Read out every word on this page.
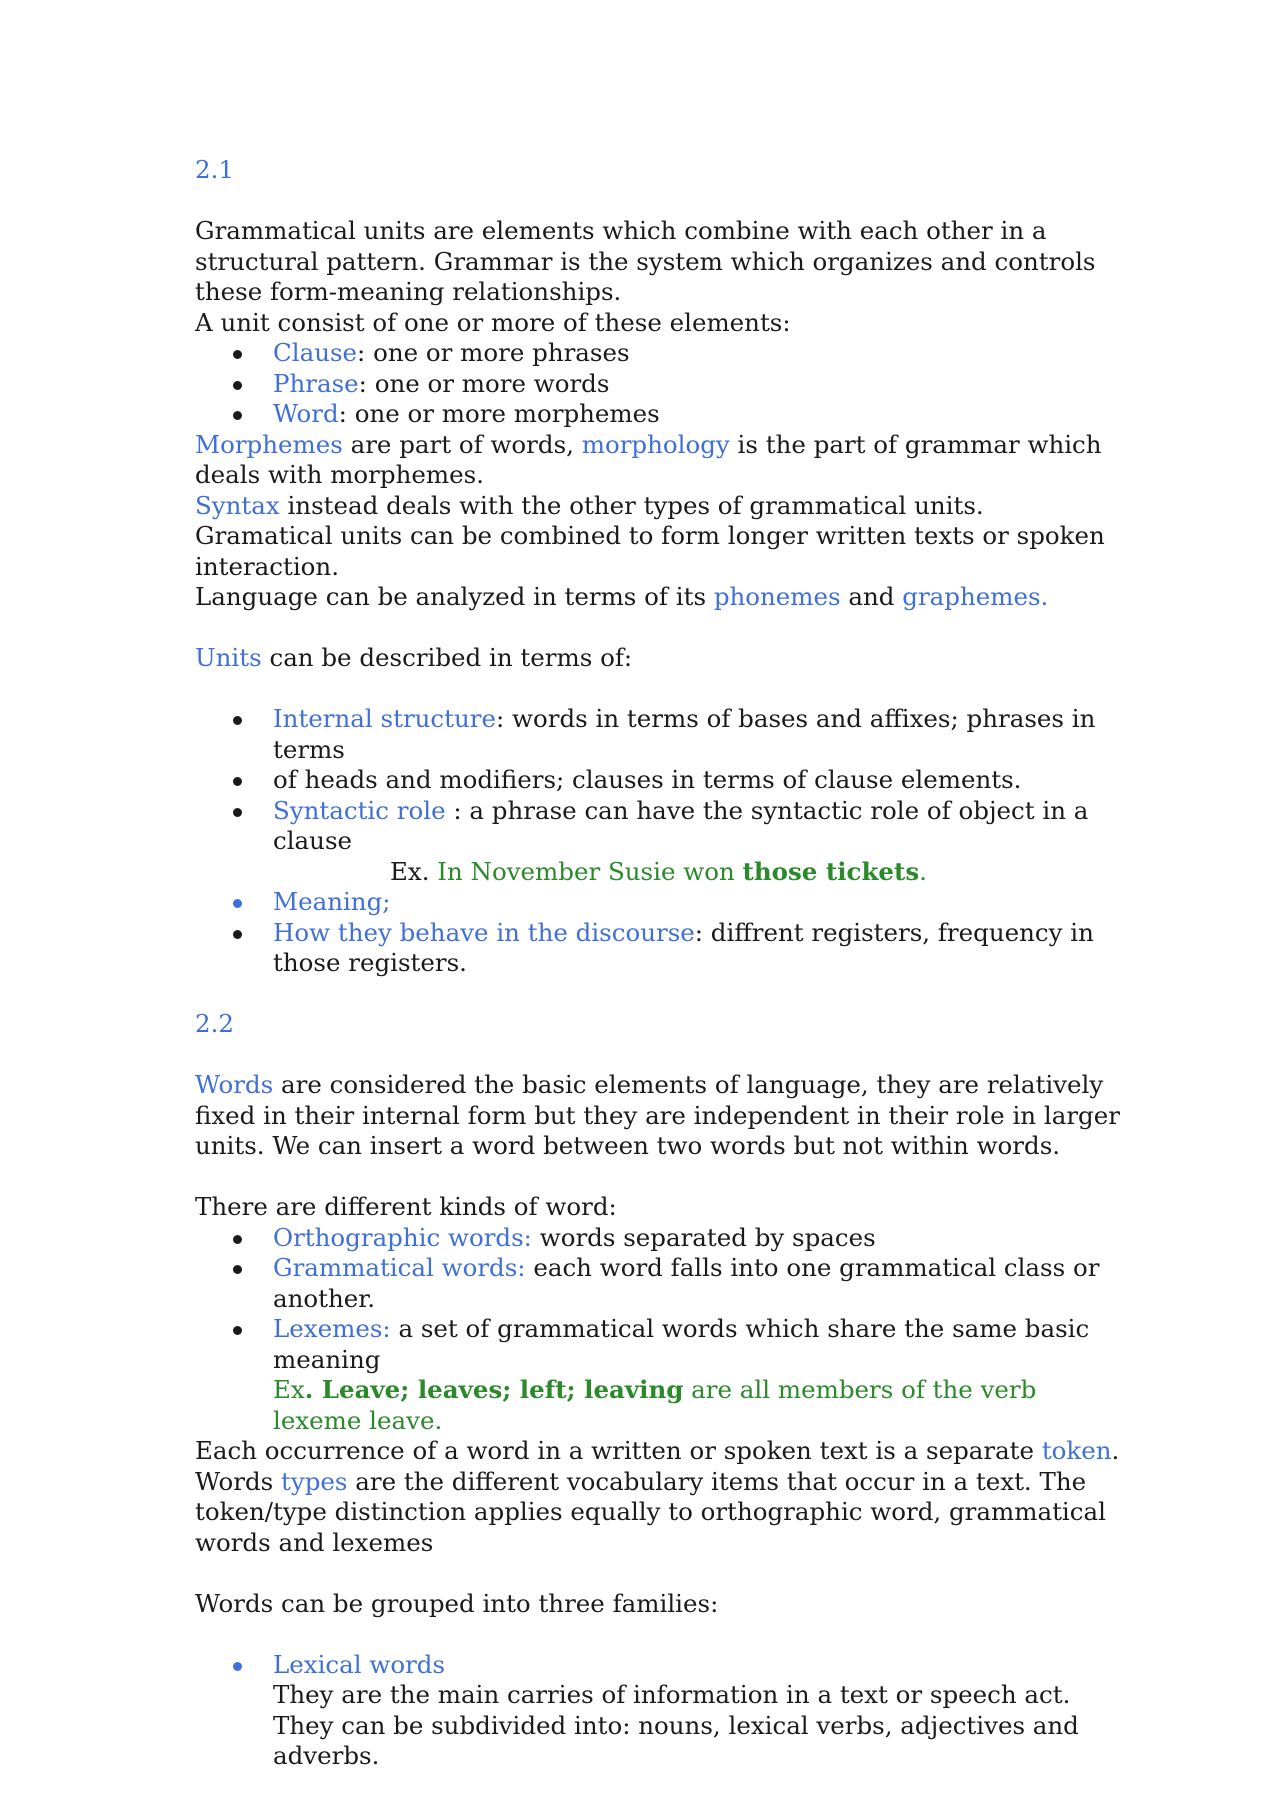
2.1

Grammatical units are elements which combine with each other in a structural pattern. Grammar is the system which organizes and controls these form-meaning relationships.

A unit consist of one or more of these elements:

Clause: one or more phrases
Phrase: one or more words
Word: one or more morphemes

Morphemes are part of words, morphology is the part of grammar which deals with morphemes.

Syntax instead deals with the other types of grammatical units.

Gramatical units can be combined to form longer written texts or spoken interaction.

Language can be analyzed in terms of its phonemes and graphemes.

Units can be described in terms of:

Internal structure: words in terms of bases and affixes; phrases in terms
of heads and modifiers; clauses in terms of clause elements.
Syntactic role : a phrase can have the syntactic role of object in a clause

Ex. In November Susie won those tickets.

Meaning;
How they behave in the discourse: diffrent registers, frequency in those registers.

2.2

Words are considered the basic elements of language, they are relatively fixed in their internal form but they are independent in their role in larger units. We can insert a word between two words but not within words.

There are different kinds of word:

Orthographic words: words separated by spaces
Grammatical words: each word falls into one grammatical class or another.
Lexemes: a set of grammatical words which share the same basic meaning

Ex. Leave; leaves; left; leaving are all members of the verb lexeme leave.

Each occurrence of a word in a written or spoken text is a separate token. Words types are the different vocabulary items that occur in a text. The token/type distinction applies equally to orthographic word, grammatical words and lexemes

Words can be grouped into three families:

Lexical words
They are the main carries of information in a text or speech act. They can be subdivided into: nouns, lexical verbs, adjectives and adverbs.
